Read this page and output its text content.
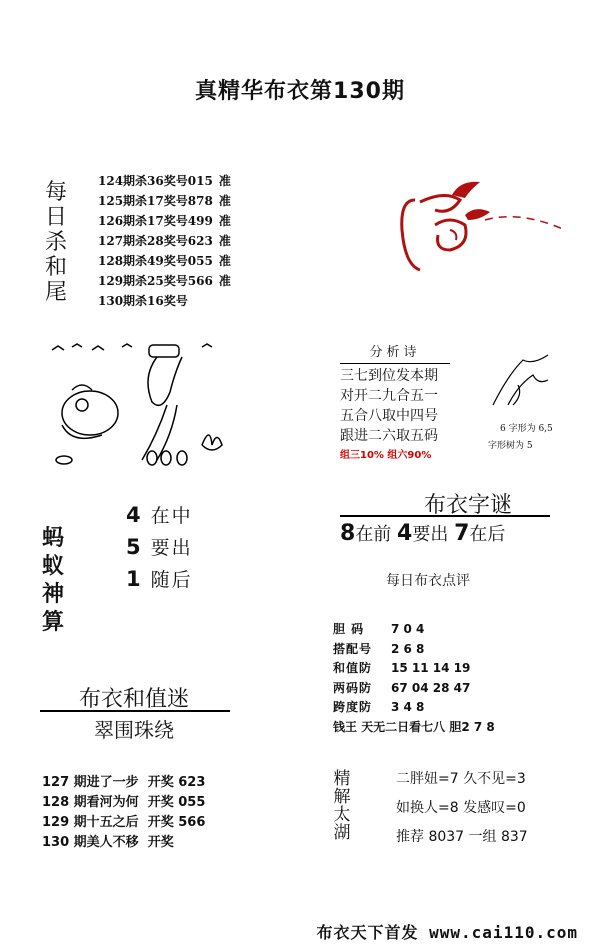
真精华布衣第130期
每
日
杀
和
尾
124期杀36奖号015 准
125期杀17奖号878 准
126期杀17奖号499 准
127期杀28奖号623 准
128期杀49奖号055 准
129期杀25奖号566 准
130期杀16奖号
分析诗
三七到位发本期
对开二九合五一
五合八取中四号
跟进二六取五码
组三10% 组六90%
6 字形为 6,5
字形树为 5
蚂
蚁
神
算
4 在中
5 要出
1 随后
布衣字谜
8在前 4要出 7在后
每日布衣点评
胆 码 7 0 4
搭配号 2 6 8
和值防 15 11 14 19
两码防 67 04 28 47
跨度防 3 4 8
钱王 天无二日看七八 胆2 7 8
布衣和值迷
翠围珠绕
127 期进了一步 开奖 623
128 期看河为何 开奖 055
129 期十五之后 开奖 566
130 期美人不移 开奖
精
解
太
湖
二胖妞=7 久不见=3
如换人=8 发感叹=0
推荐 8037 一组 837
布衣天下首发 www.cai110.com
